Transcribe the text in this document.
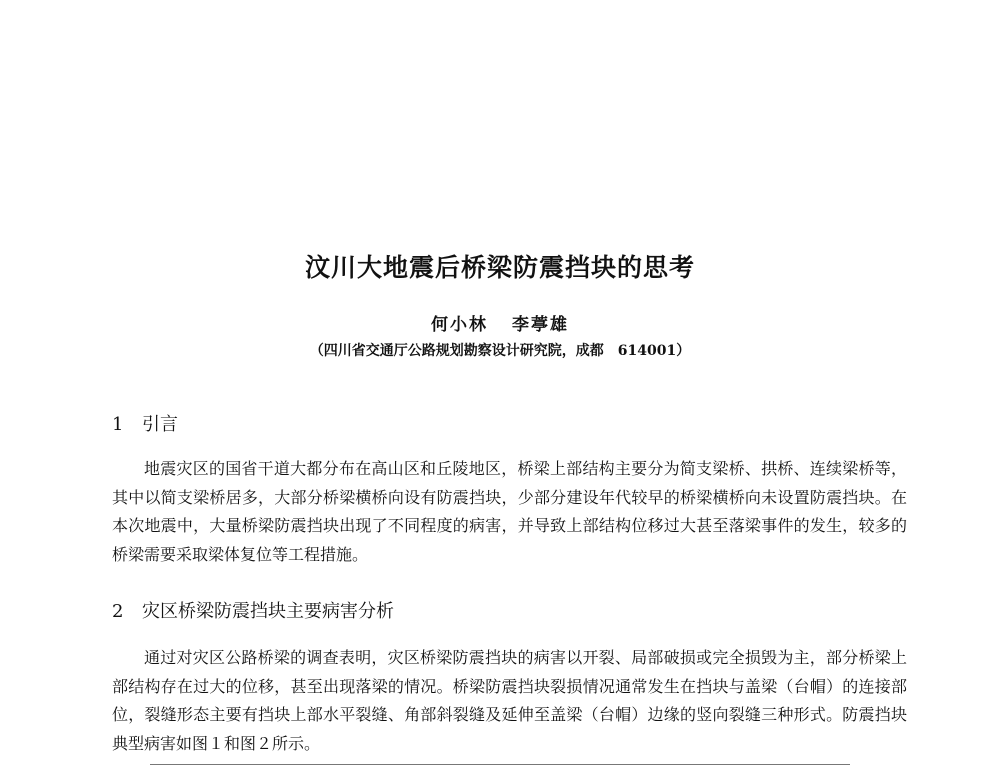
汶川大地震后桥梁防震挡块的思考
何小林 李葶雄
（四川省交通厅公路规划勘察设计研究院，成都　614001）
1 引言

地震灾区的国省干道大都分布在高山区和丘陵地区，桥梁上部结构主要分为简支梁桥、拱桥、连续梁桥等，其中以简支梁桥居多，大部分桥梁横桥向设有防震挡块，少部分建设年代较早的桥梁横桥向未设置防震挡块。在本次地震中，大量桥梁防震挡块出现了不同程度的病害，并导致上部结构位移过大甚至落梁事件的发生，较多的桥梁需要采取梁体复位等工程措施。

2 灾区桥梁防震挡块主要病害分析

通过对灾区公路桥梁的调查表明，灾区桥梁防震挡块的病害以开裂、局部破损或完全损毁为主，部分桥梁上部结构存在过大的位移，甚至出现落梁的情况。桥梁防震挡块裂损情况通常发生在挡块与盖梁（台帽）的连接部位，裂缝形态主要有挡块上部水平裂缝、角部斜裂缝及延伸至盖梁（台帽）边缘的竖向裂缝三种形式。防震挡块典型病害如图１和图２所示。
